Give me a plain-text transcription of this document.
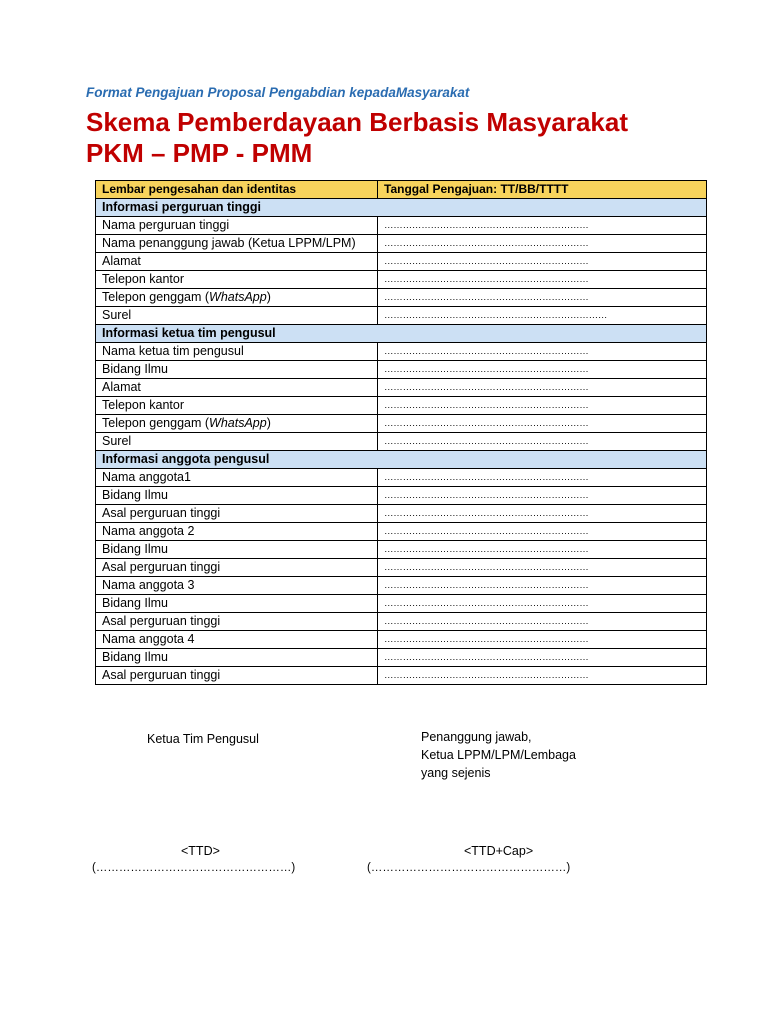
Format Pengajuan Proposal Pengabdian kepadaMasyarakat
Skema Pemberdayaan Berbasis Masyarakat
PKM – PMP - PMM
Lembar pengesahan dan identitas	Tanggal Pengajuan: TT/BB/TTTT
Informasi perguruan tinggi	
Nama perguruan tinggi	…………………………………………………………
Nama penanggung jawab (Ketua LPPM/LPM)	…………………………………………………………
Alamat	…………………………………………………………
Telepon kantor	…………………………………………………………
Telepon genggam (WhatsApp)	…………………………………………………………
Surel	………………………………………………………………
Informasi ketua tim pengusul	
Nama ketua tim pengusul	…………………………………………………………
Bidang Ilmu	…………………………………………………………
Alamat	…………………………………………………………
Telepon kantor	…………………………………………………………
Telepon genggam (WhatsApp)	…………………………………………………………
Surel	…………………………………………………………
Informasi anggota pengusul	
Nama anggota1	…………………………………………………………
Bidang Ilmu	…………………………………………………………
Asal perguruan tinggi	…………………………………………………………
Nama anggota 2	…………………………………………………………
Bidang Ilmu	…………………………………………………………
Asal perguruan tinggi	…………………………………………………………
Nama anggota 3	…………………………………………………………
Bidang Ilmu	…………………………………………………………
Asal perguruan tinggi	…………………………………………………………
Nama anggota 4	…………………………………………………………
Bidang Ilmu	…………………………………………………………
Asal perguruan tinggi	…………………………………………………………
Ketua Tim Pengusul	Penanggung jawab,
Ketua LPPM/LPM/Lembaga
yang sejenis
<TTD>	<TTD+Cap>
(……………………………………………)	(……………………………………………)
